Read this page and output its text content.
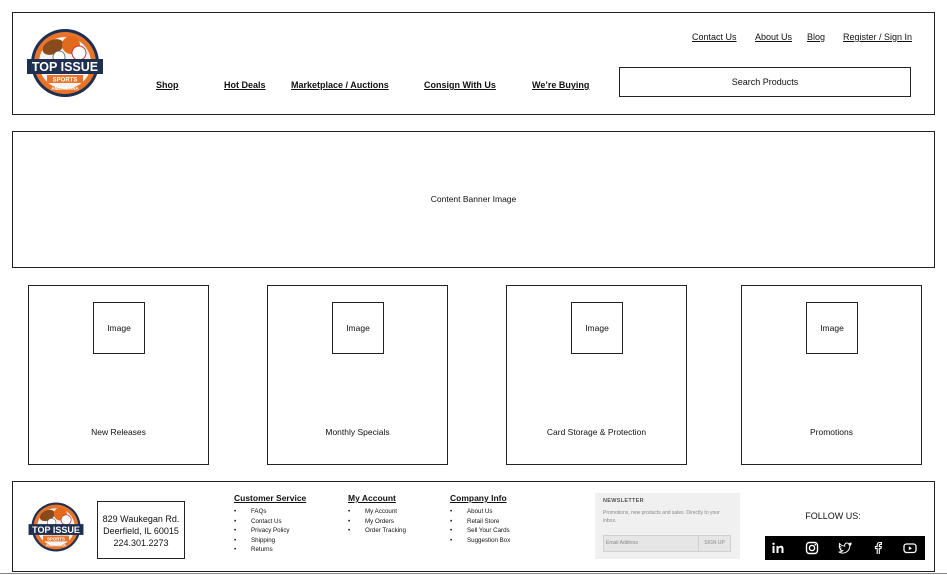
TOP ISSUE
SPORTS
AMERICANA
Contact Us About Us Blog Register / Sign In
Shop	Hot Deals	Marketplace / Auctions	Consign With Us	We’re Buying	Search Products
Content Banner Image
Image
New Releases
Image
Monthly Specials
Image
Card Storage & Protection
Image
Promotions
TOP ISSUE
SPORTS
AMERICANA
829 Waukegan Rd.
Deerfield, IL 60015
224.301.2273
Customer Service
• FAQs
• Contact Us
• Privacy Policy
• Shipping
• Returns
My Account
• My Account
• My Orders
• Order Tracking
Company Info
• About Us
• Retail Store
• Sell Your Cards
• Suggestion Box
NEWSLETTER
Promotions, new products and sales. Directly to your inbox.
Email Address	SIGN UP
FOLLOW US:
